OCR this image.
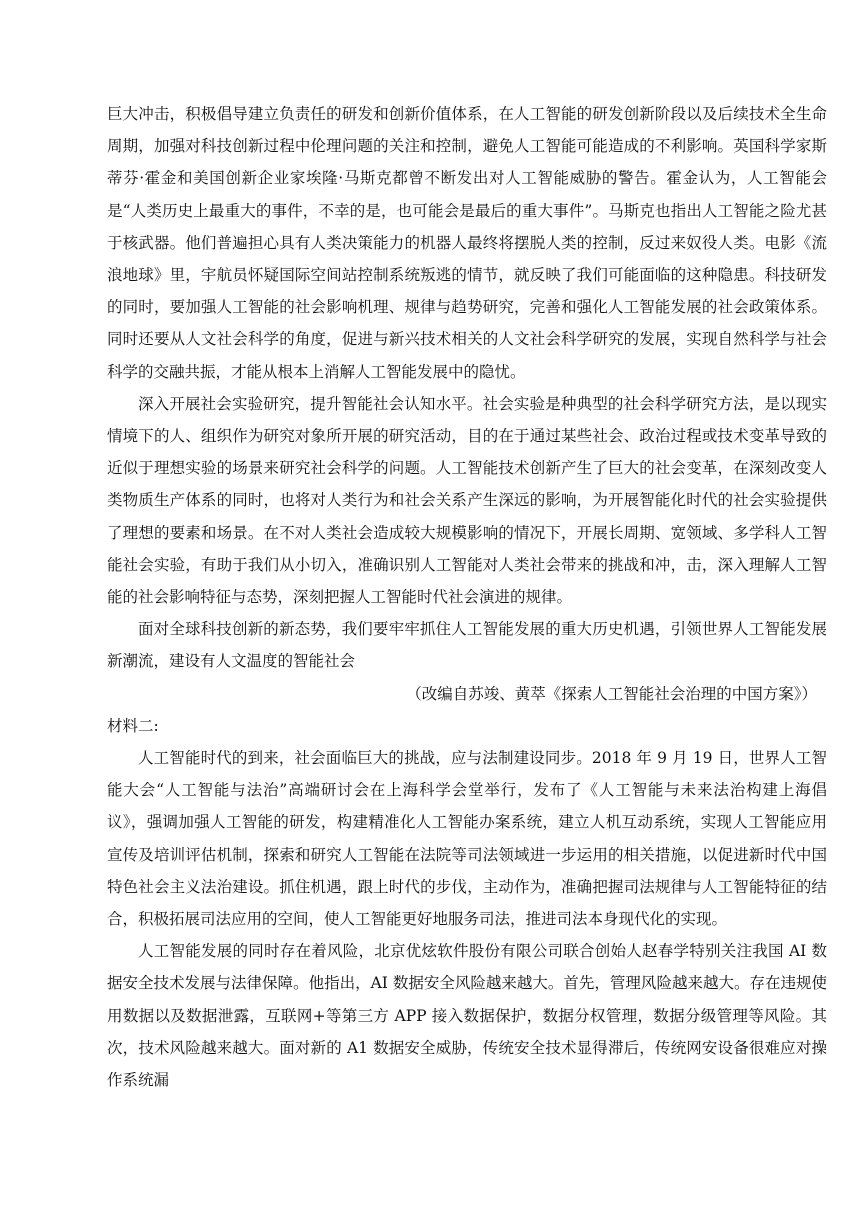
巨大冲击，积极倡导建立负责任的研发和创新价值体系，在人工智能的研发创新阶段以及后续技术全生命周期，加强对科技创新过程中伦理问题的关注和控制，避免人工智能可能造成的不利影响。英国科学家斯蒂芬·霍金和美国创新企业家埃隆·马斯克都曾不断发出对人工智能威胁的警告。霍金认为，人工智能会是“人类历史上最重大的事件，不幸的是，也可能会是最后的重大事件”。马斯克也指出人工智能之险尤甚于核武器。他们普遍担心具有人类决策能力的机器人最终将摆脱人类的控制，反过来奴役人类。电影《流浪地球》里，宇航员怀疑国际空间站控制系统叛逃的情节，就反映了我们可能面临的这种隐患。科技研发的同时，要加强人工智能的社会影响机理、规律与趋势研究，完善和强化人工智能发展的社会政策体系。同时还要从人文社会科学的角度，促进与新兴技术相关的人文社会科学研究的发展，实现自然科学与社会科学的交融共振，才能从根本上消解人工智能发展中的隐忧。

深入开展社会实验研究，提升智能社会认知水平。社会实验是种典型的社会科学研究方法，是以现实情境下的人、组织作为研究对象所开展的研究活动，目的在于通过某些社会、政治过程或技术变革导致的近似于理想实验的场景来研究社会科学的问题。人工智能技术创新产生了巨大的社会变革，在深刻改变人类物质生产体系的同时，也将对人类行为和社会关系产生深远的影响，为开展智能化时代的社会实验提供了理想的要素和场景。在不对人类社会造成较大规模影响的情况下，开展长周期、宽领域、多学科人工智能社会实验，有助于我们从小切入，准确识别人工智能对人类社会带来的挑战和冲，击，深入理解人工智能的社会影响特征与态势，深刻把握人工智能时代社会演进的规律。

面对全球科技创新的新态势，我们要牢牢抓住人工智能发展的重大历史机遇，引领世界人工智能发展新潮流，建设有人文温度的智能社会

（改编自苏竣、黄萃《探索人工智能社会治理的中国方案》）

材料二:

人工智能时代的到来，社会面临巨大的挑战，应与法制建设同步。2018 年 9 月 19 日，世界人工智能大会“人工智能与法治”高端研讨会在上海科学会堂举行，发布了《人工智能与未来法治构建上海倡议》，强调加强人工智能的研发，构建精准化人工智能办案系统，建立人机互动系统，实现人工智能应用宣传及培训评估机制，探索和研究人工智能在法院等司法领域进一步运用的相关措施，以促进新时代中国特色社会主义法治建设。抓住机遇，跟上时代的步伐，主动作为，准确把握司法规律与人工智能特征的结合，积极拓展司法应用的空间，使人工智能更好地服务司法，推进司法本身现代化的实现。

人工智能发展的同时存在着风险，北京优炫软件股份有限公司联合创始人赵春学特别关注我国 AI 数据安全技术发展与法律保障。他指出，AI 数据安全风险越来越大。首先，管理风险越来越大。存在违规使用数据以及数据泄露，互联网+等第三方 APP 接入数据保护，数据分权管理，数据分级管理等风险。其次，技术风险越来越大。面对新的 A1 数据安全威胁，传统安全技术显得滞后，传统网安设备很难应对操作系统漏
